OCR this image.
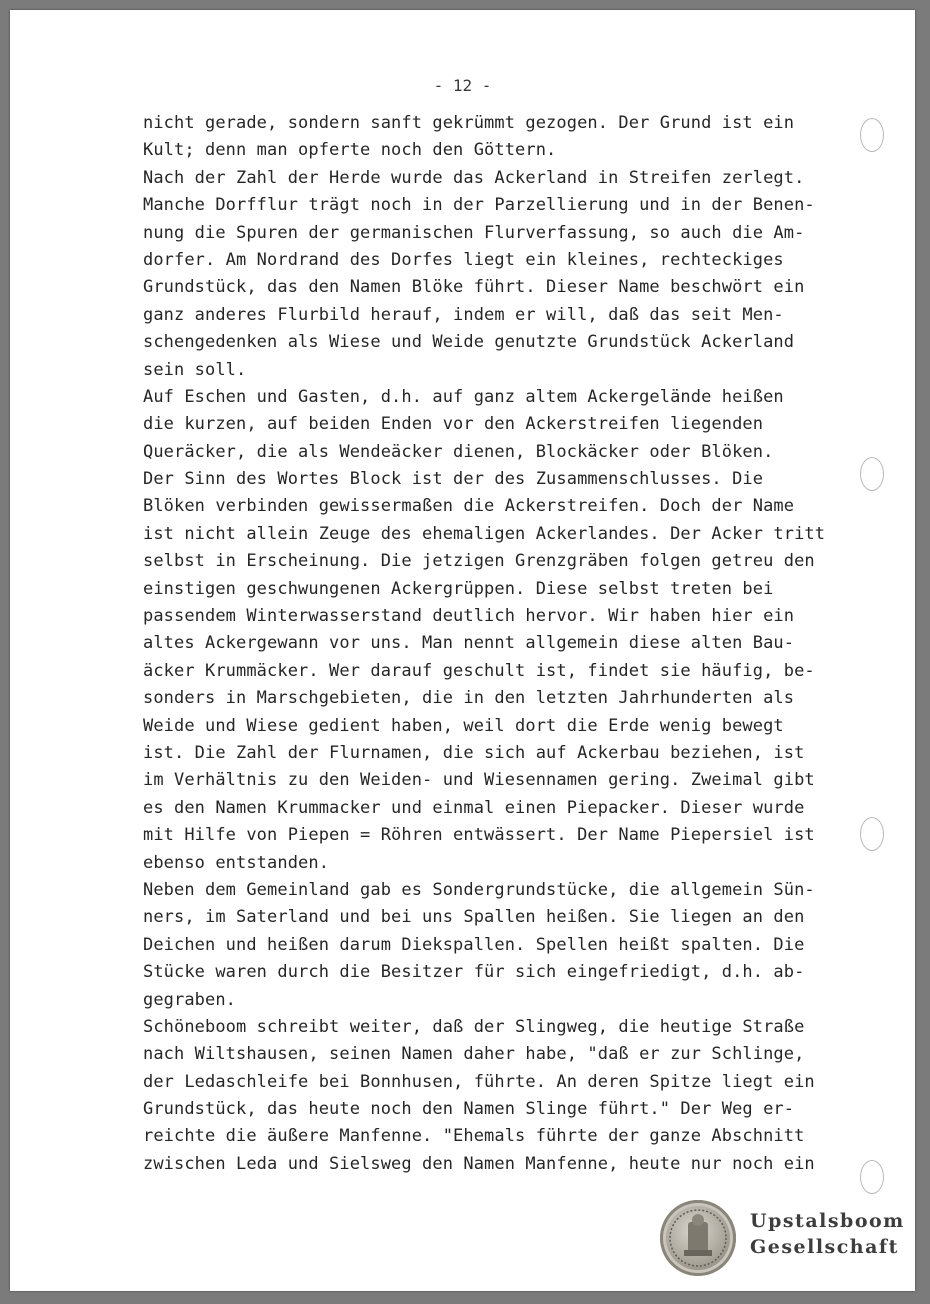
- 12 -
nicht gerade, sondern sanft gekrümmt gezogen. Der Grund ist ein
Kult; denn man opferte noch den Göttern.
Nach der Zahl der Herde wurde das Ackerland in Streifen zerlegt.
Manche Dorfflur trägt noch in der Parzellierung und in der Benen-
nung die Spuren der germanischen Flurverfassung, so auch die Am-
dorfer. Am Nordrand des Dorfes liegt ein kleines, rechteckiges
Grundstück, das den Namen Blöke führt. Dieser Name beschwört ein
ganz anderes Flurbild herauf, indem er will, daß das seit Men-
schengedenken als Wiese und Weide genutzte Grundstück Ackerland
sein soll.
Auf Eschen und Gasten, d.h. auf ganz altem Ackergelände heißen
die kurzen, auf beiden Enden vor den Ackerstreifen liegenden
Queräcker, die als Wendeäcker dienen, Blockäcker oder Blöken.
Der Sinn des Wortes Block ist der des Zusammenschlusses. Die
Blöken verbinden gewissermaßen die Ackerstreifen. Doch der Name
ist nicht allein Zeuge des ehemaligen Ackerlandes. Der Acker tritt
selbst in Erscheinung. Die jetzigen Grenzgräben folgen getreu den
einstigen geschwungenen Ackergrüppen. Diese selbst treten bei
passendem Winterwasserstand deutlich hervor. Wir haben hier ein
altes Ackergewann vor uns. Man nennt allgemein diese alten Bau-
äcker Krummäcker. Wer darauf geschult ist, findet sie häufig, be-
sonders in Marschgebieten, die in den letzten Jahrhunderten als
Weide und Wiese gedient haben, weil dort die Erde wenig bewegt
ist. Die Zahl der Flurnamen, die sich auf Ackerbau beziehen, ist
im Verhältnis zu den Weiden- und Wiesennamen gering. Zweimal gibt
es den Namen Krummacker und einmal einen Piepacker. Dieser wurde
mit Hilfe von Piepen = Röhren entwässert. Der Name Piepersiel ist
ebenso entstanden.
Neben dem Gemeinland gab es Sondergrundstücke, die allgemein Sün-
ners, im Saterland und bei uns Spallen heißen. Sie liegen an den
Deichen und heißen darum Diekspallen. Spellen heißt spalten. Die
Stücke waren durch die Besitzer für sich eingefriedigt, d.h. ab-
gegraben.
Schöneboom schreibt weiter, daß der Slingweg, die heutige Straße
nach Wiltshausen, seinen Namen daher habe, "daß er zur Schlinge,
der Ledaschleife bei Bonnhusen, führte. An deren Spitze liegt ein
Grundstück, das heute noch den Namen Slinge führt." Der Weg er-
reichte die äußere Manfenne. "Ehemals führte der ganze Abschnitt
zwischen Leda und Sielsweg den Namen Manfenne, heute nur noch ein
Upstalsboom
Gesellschaft
